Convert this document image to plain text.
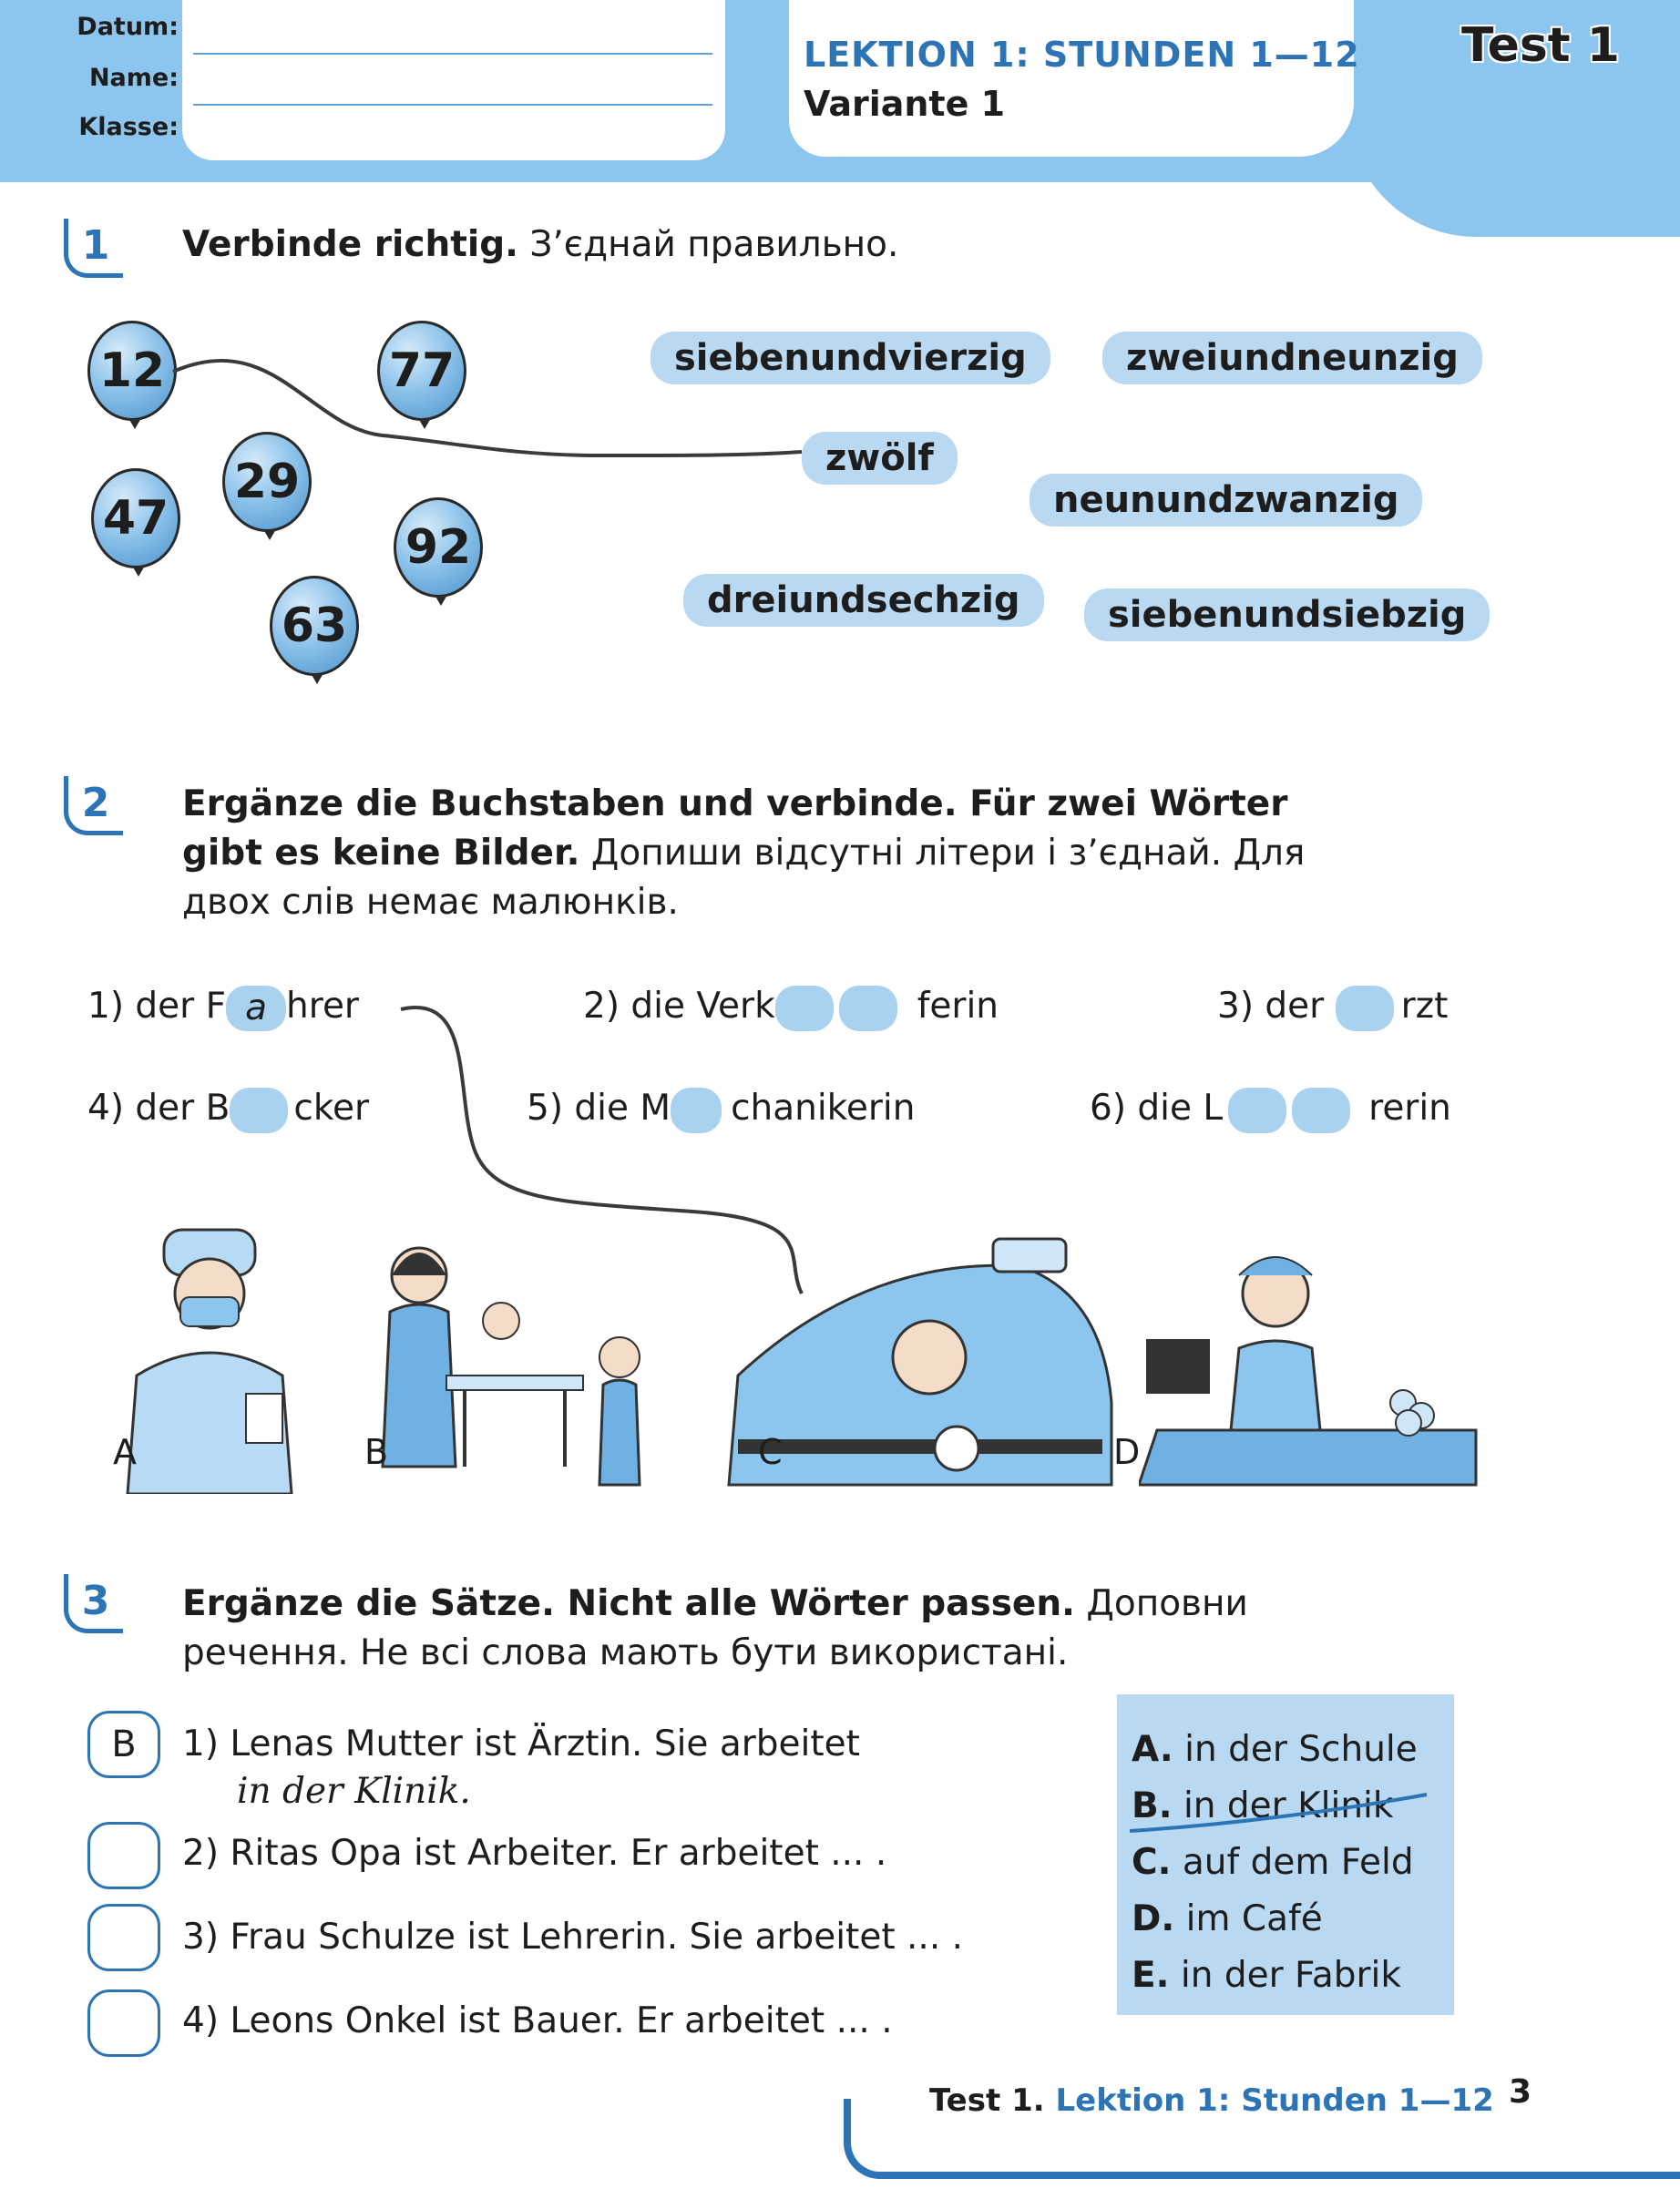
Datum:
Name:
Klasse:
LEKTION 1: STUNDEN 1—12
Variante 1
Test 1
1	Verbinde richtig. З’єднай правильно.
12	77
29
47
92
63
siebenundvierzig	zweiundneunzig
zwölf
neunundzwanzig
dreiundsechzig	siebenundsiebzig
2	Ergänze die Buchstaben und verbinde. Für zwei Wörter gibt es keine Bilder. Допиши відсутні літери і з’єднай. Для двох слів немає малюнків.
1) der F a hrer	2) die Verk	ferin	3) der rzt
4) der B cker	5) die M chanikerin	6) die L	rerin
A	B	C	D
3	Ergänze die Sätze. Nicht alle Wörter passen. Доповни речення. Не всі слова мають бути використані.
B	1) Lenas Mutter ist Ärztin. Sie arbeitet
in der Klinik.
2) Ritas Opa ist Arbeiter. Er arbeitet ... .
3) Frau Schulze ist Lehrerin. Sie arbeitet ... .
4) Leons Onkel ist Bauer. Er arbeitet ... .
A. in der Schule
B. in der Klinik
C. auf dem Feld
D. im Café
E. in der Fabrik
Test 1. Lektion 1: Stunden 1—12 3
